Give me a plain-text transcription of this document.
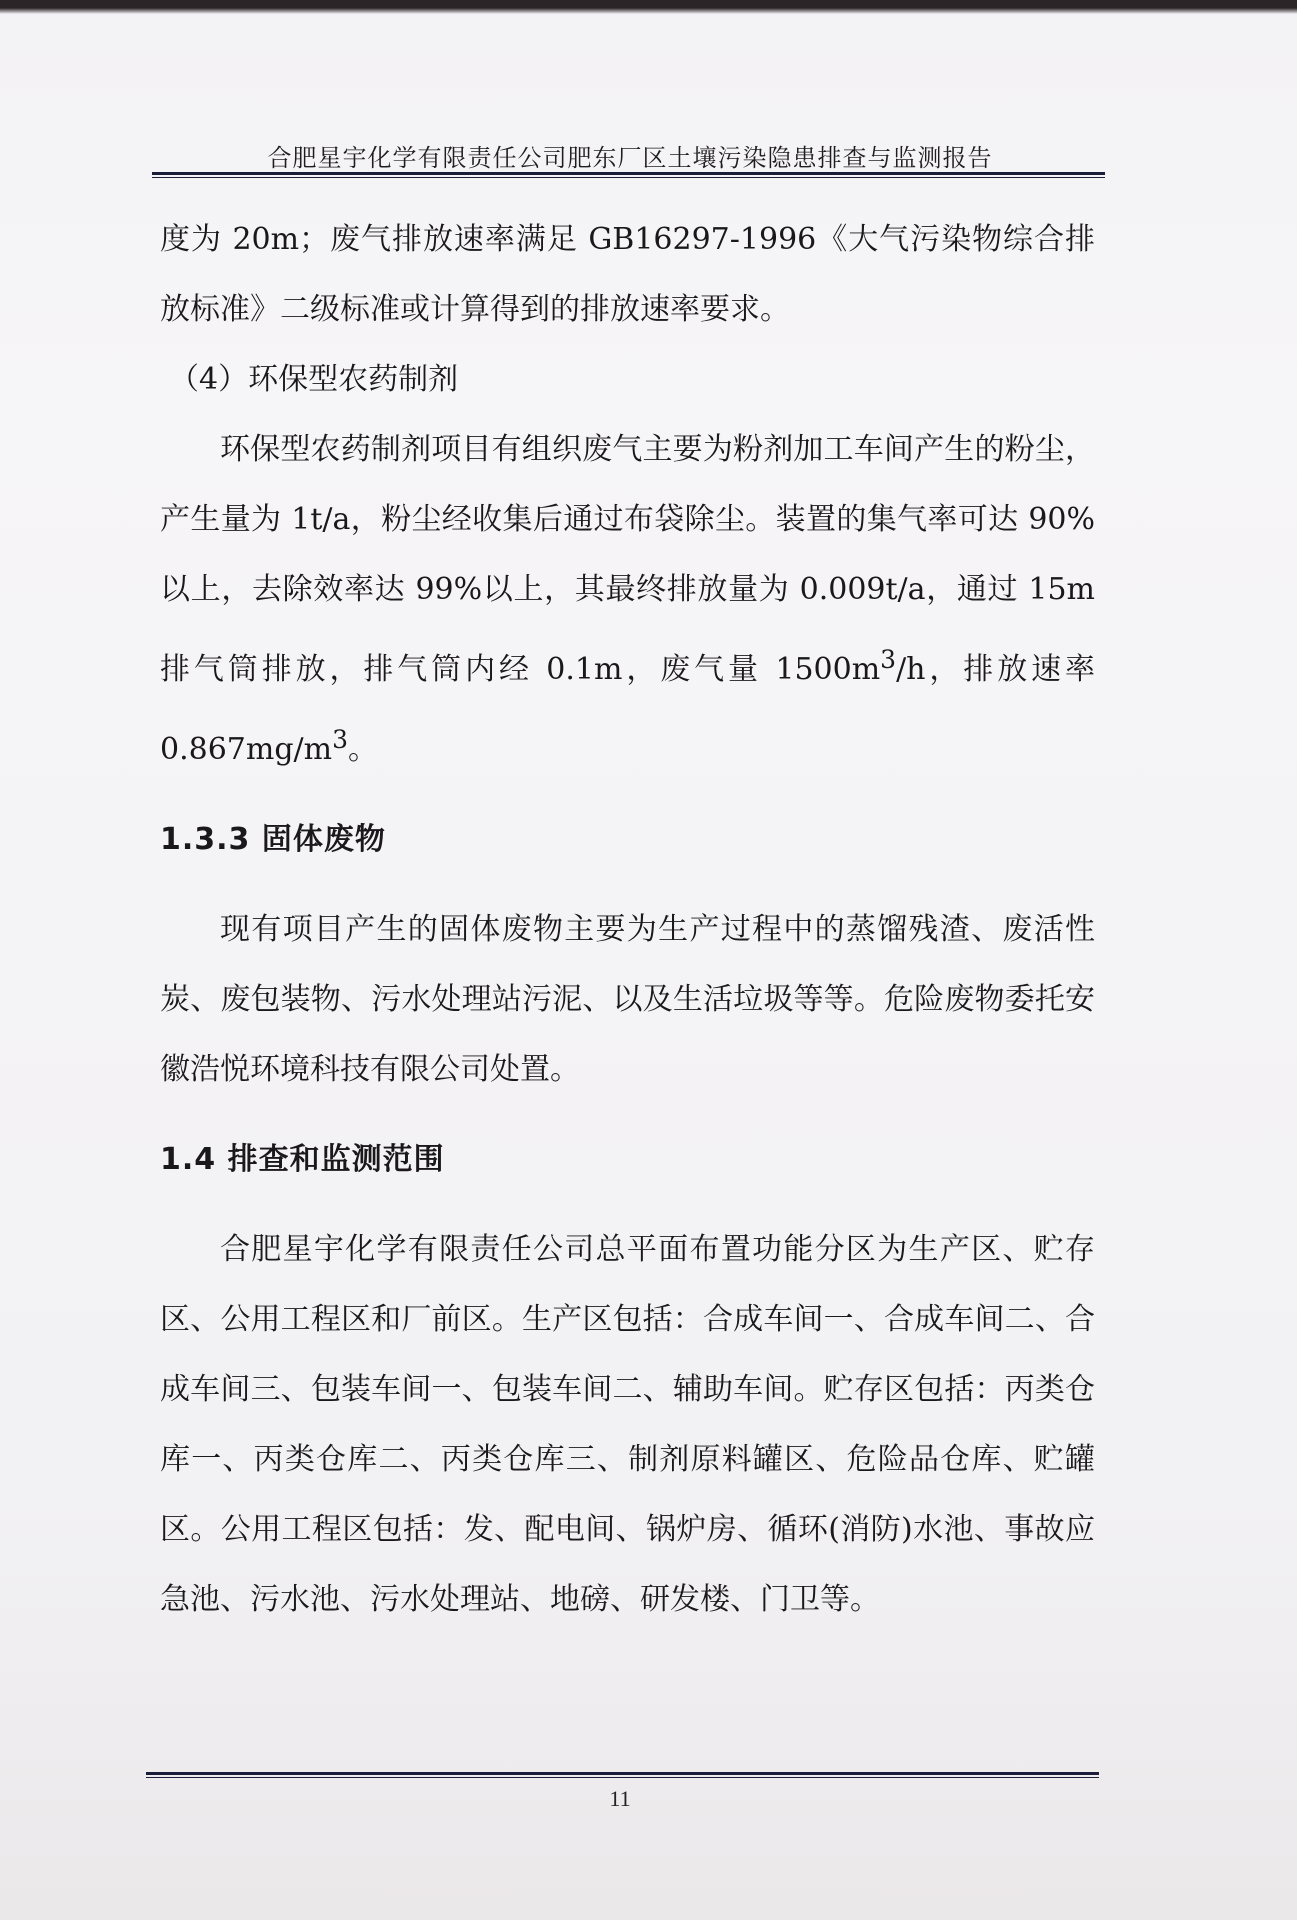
合肥星宇化学有限责任公司肥东厂区土壤污染隐患排查与监测报告

度为 20m；废气排放速率满足 GB16297-1996《大气污染物综合排放标准》二级标准或计算得到的排放速率要求。

（4）环保型农药制剂

环保型农药制剂项目有组织废气主要为粉剂加工车间产生的粉尘，产生量为 1t/a，粉尘经收集后通过布袋除尘。装置的集气率可达 90%以上，去除效率达 99%以上，其最终排放量为 0.009t/a，通过 15m 排气筒排放，排气筒内经 0.1m，废气量 $1500m^3/h$，排放速率 $0.867mg/m^3$。

1.3.3 固体废物

现有项目产生的固体废物主要为生产过程中的蒸馏残渣、废活性炭、废包装物、污水处理站污泥、以及生活垃圾等等。危险废物委托安徽浩悦环境科技有限公司处置。

1.4 排查和监测范围

合肥星宇化学有限责任公司总平面布置功能分区为生产区、贮存区、公用工程区和厂前区。生产区包括：合成车间一、合成车间二、合成车间三、包装车间一、包装车间二、辅助车间。贮存区包括：丙类仓库一、丙类仓库二、丙类仓库三、制剂原料罐区、危险品仓库、贮罐区。公用工程区包括：发、配电间、锅炉房、循环(消防)水池、事故应急池、污水池、污水处理站、地磅、研发楼、门卫等。

11
